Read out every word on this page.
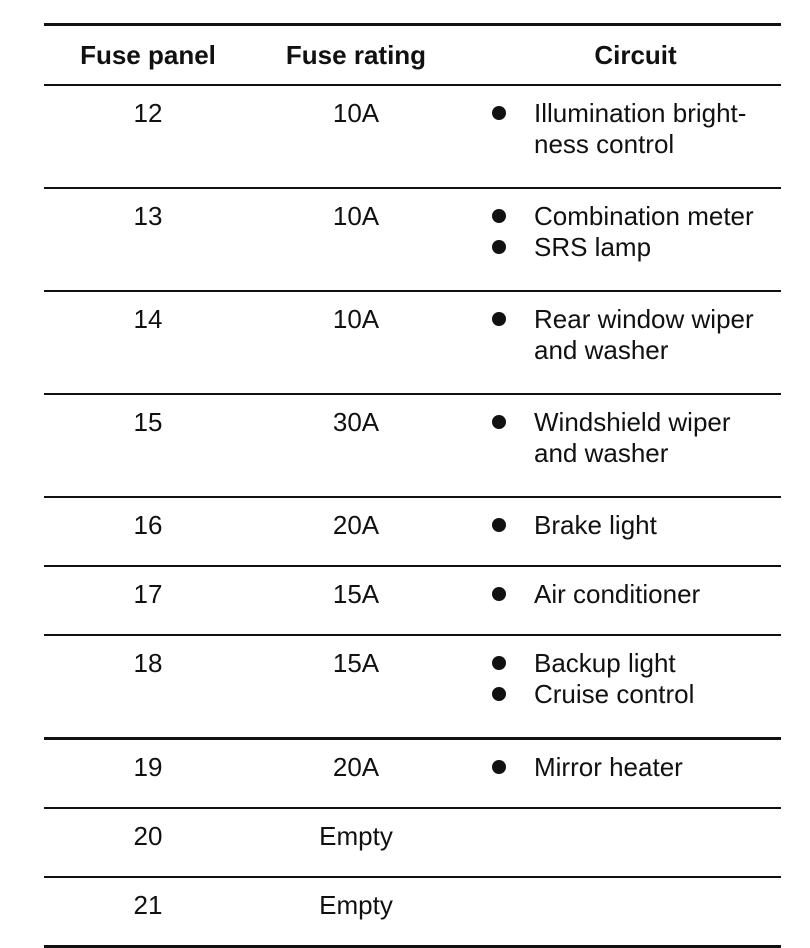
Fuse panel	Fuse rating	Circuit
12	10A	Illumination bright-ness control

13	10A	Combination meter
SRS lamp

14	10A	Rear window wiper and washer

15	30A	Windshield wiper and washer

16	20A	Brake light

17	15A	Air conditioner

18	15A	Backup light
Cruise control

19	20A	Mirror heater

20	Empty	
21	Empty	
